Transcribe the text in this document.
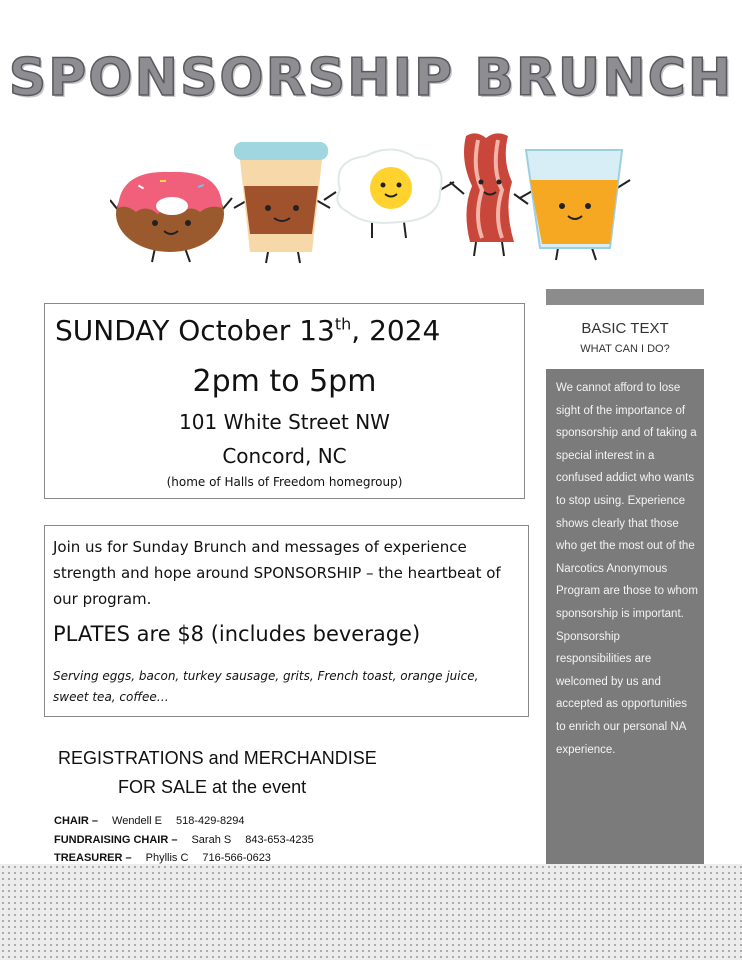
SPONSORSHIP BRUNCH
SUNDAY October 13th, 2024
2pm to 5pm
101 White Street NW
Concord, NC
(home of Halls of Freedom homegroup)
Join us for Sunday Brunch and messages of experience strength and hope around SPONSORSHIP – the heartbeat of our program.
PLATES are $8 (includes beverage)
Serving eggs, bacon, turkey sausage, grits, French toast, orange juice, sweet tea, coffee…
REGISTRATIONS and MERCHANDISE
FOR SALE at the event
CHAIR – Wendell E 518-429-8294
FUNDRAISING CHAIR – Sarah S 843-653-4235
TREASURER – Phyllis C 716-566-0623
BASIC TEXT
WHAT CAN I DO?
We cannot afford to lose sight of the importance of sponsorship and of taking a special interest in a confused addict who wants to stop using. Experience shows clearly that those who get the most out of the Narcotics Anonymous Program are those to whom sponsorship is important. Sponsorship responsibilities are welcomed by us and accepted as opportunities to enrich our personal NA experience.
